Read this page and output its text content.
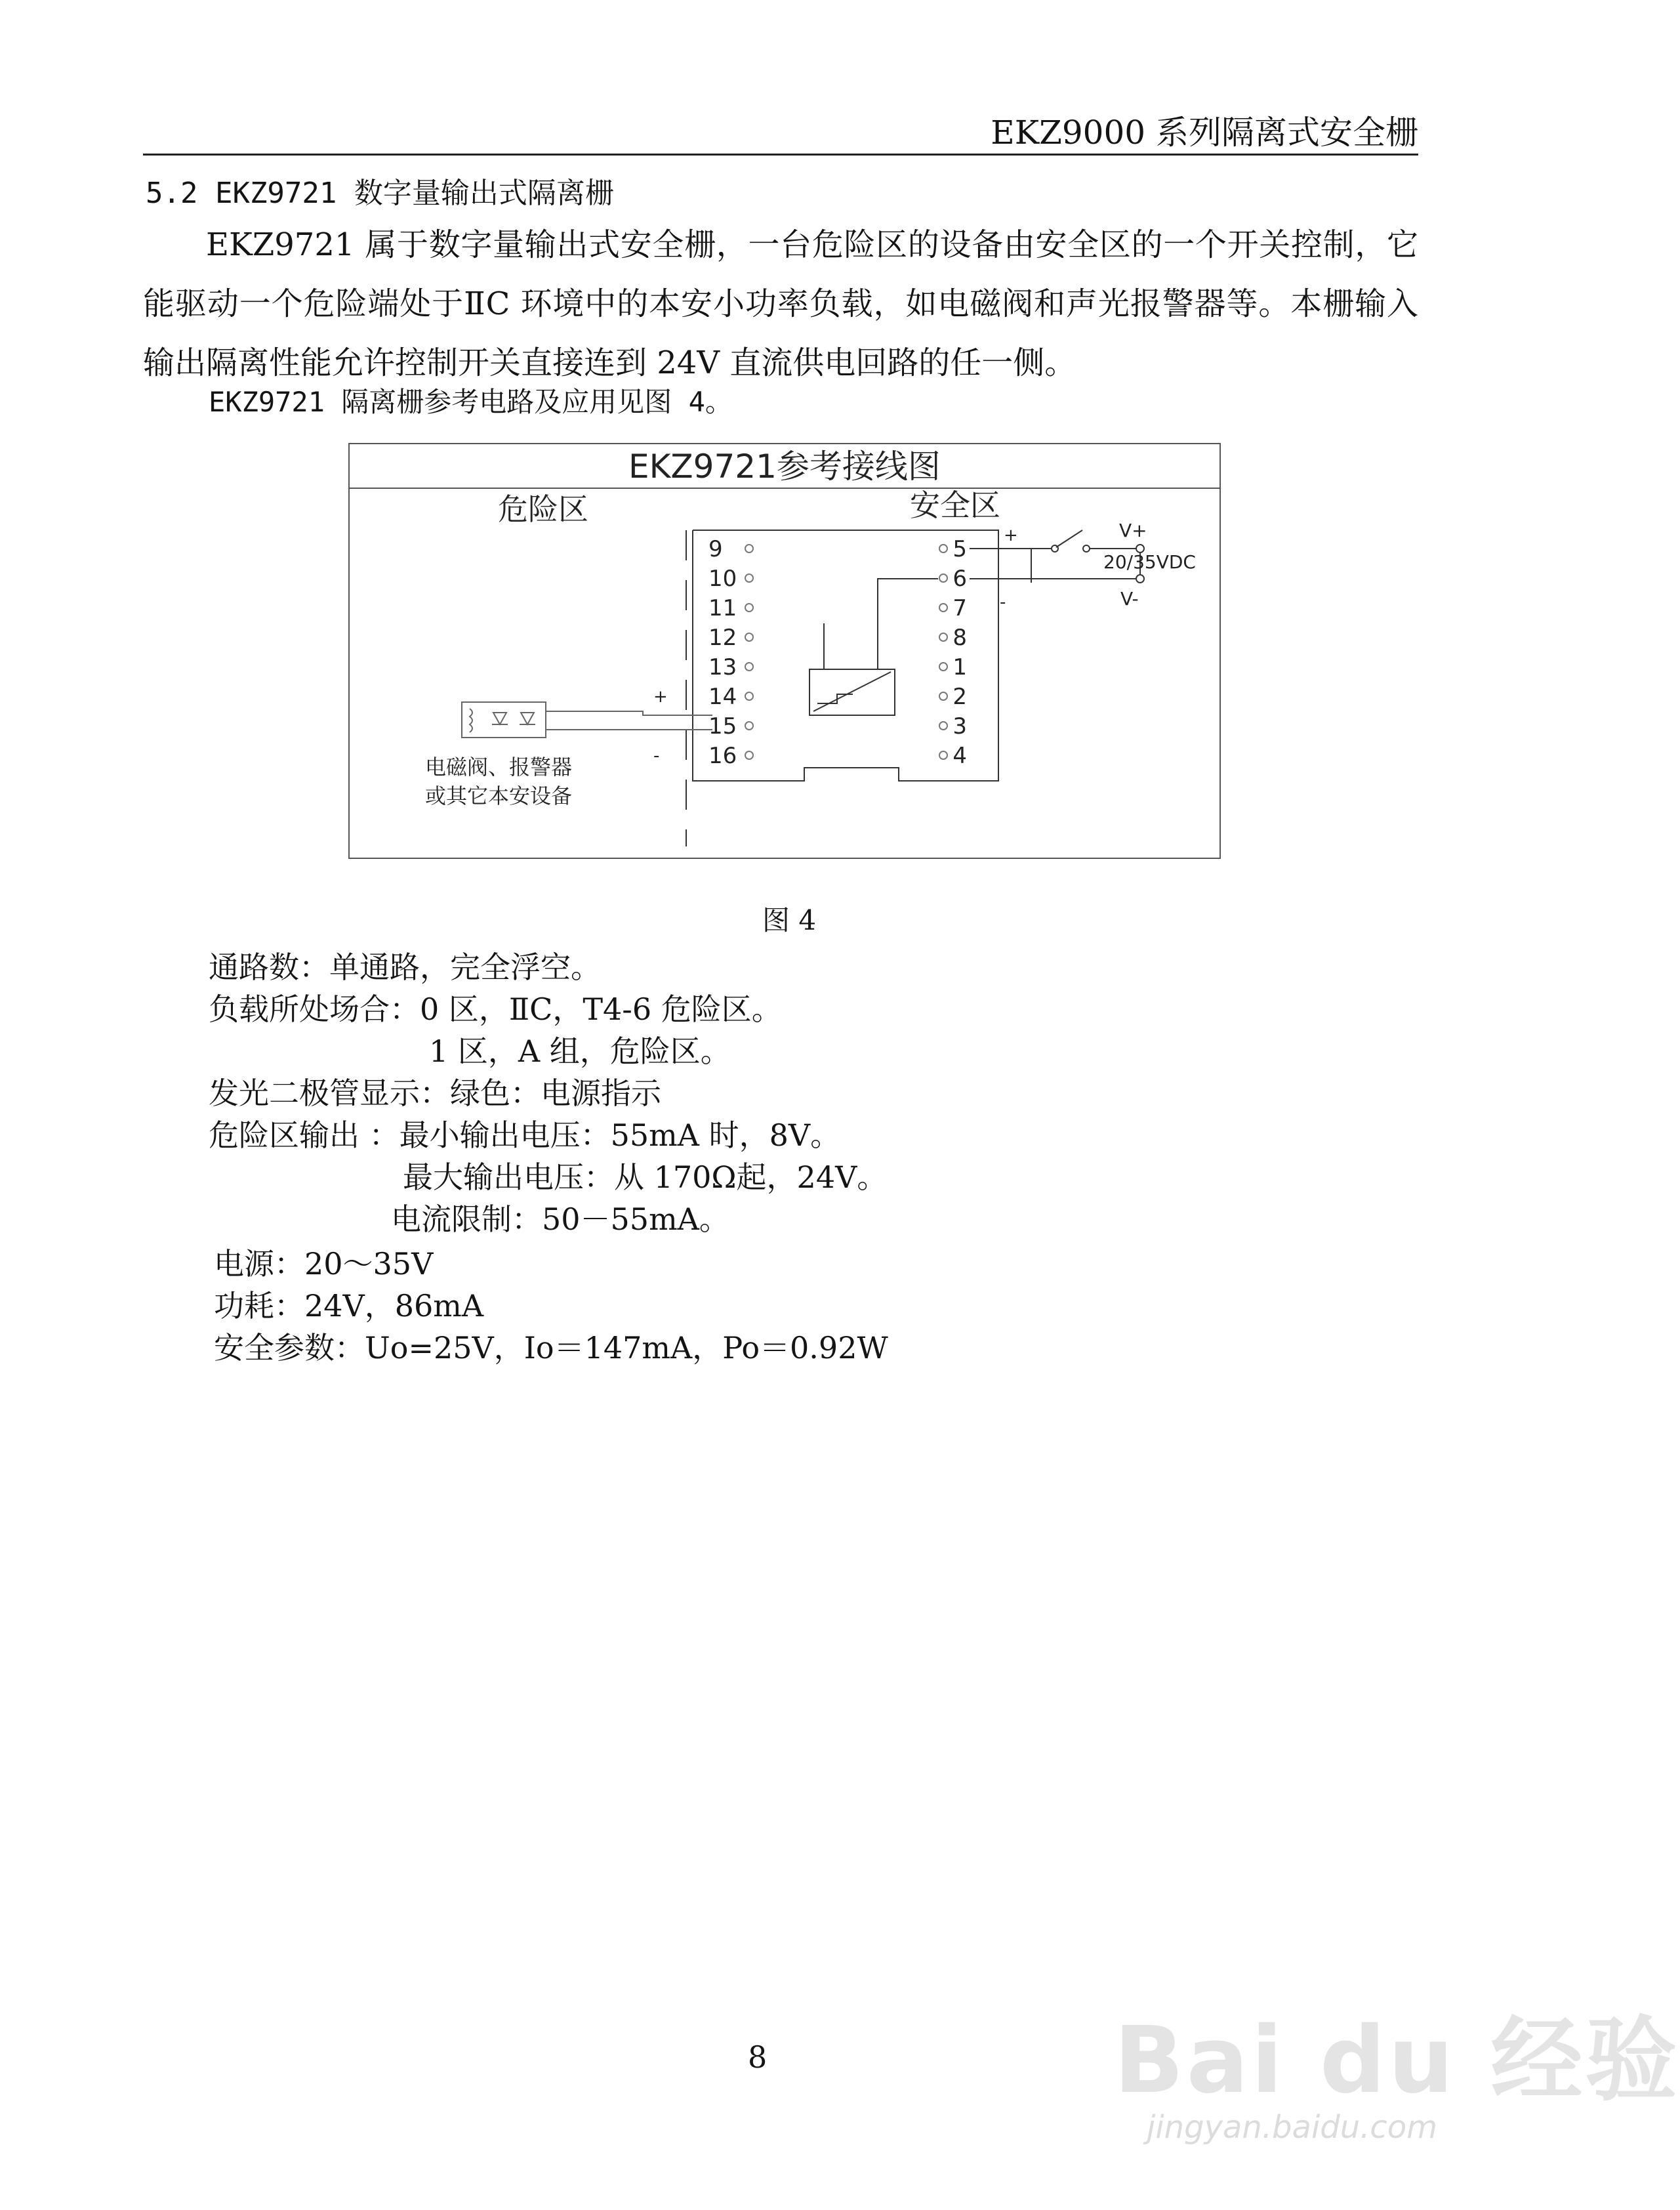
EKZ9000 系列隔离式安全栅
5.2 EKZ9721 数字量输出式隔离栅

EKZ9721 属于数字量输出式安全栅，一台危险区的设备由安全区的一个开关控制，它能驱动一个危险端处于ⅡC 环境中的本安小功率负载，如电磁阀和声光报警器等。本栅输入输出隔离性能允许控制开关直接连到 24V 直流供电回路的任一侧。

EKZ9721 隔离栅参考电路及应用见图 4。
EKZ9721参考接线图
危险区	安全区
9
10
11
12
13
14
15
16
5
6
7
8
1
2
3
4
+
-
V+
20/35VDC
V-
+
-
电磁阀、报警器
或其它本安设备
图 4
通路数：单通路，完全浮空。
负载所处场合：0 区，ⅡC，T4-6 危险区。
1 区，A 组，危险区。
发光二极管显示：绿色：电源指示
危险区输出 ：最小输出电压：55mA 时，8V。
最大输出电压：从 170Ω起，24V。
电流限制：50－55mA。
电源：20～35V
功耗：24V，86mA
安全参数：Uo=25V，Io＝147mA，Po＝0.92W
8	Bai du 经验
jingyan.baidu.com
